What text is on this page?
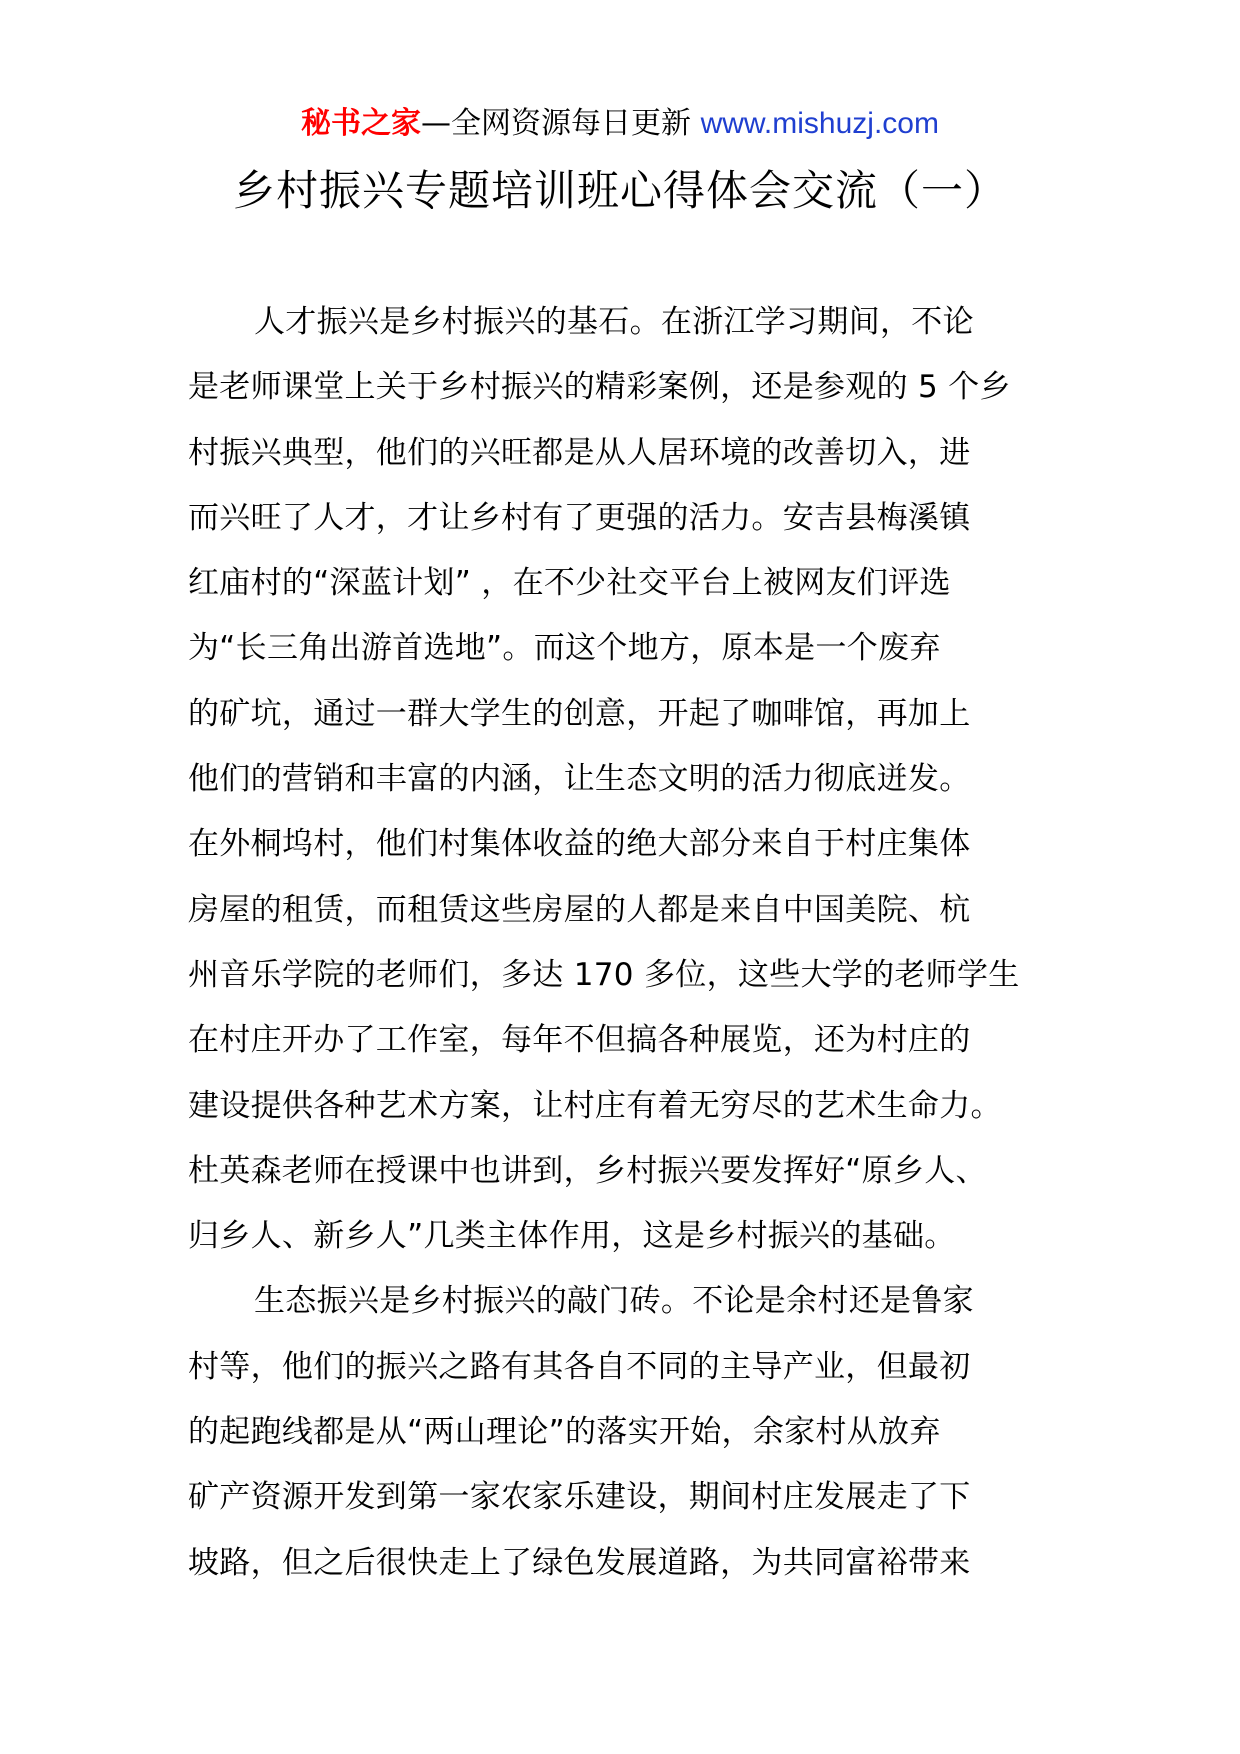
秘书之家—全网资源每日更新 www.mishuzj.com
乡村振兴专题培训班心得体会交流（一）
人才振兴是乡村振兴的基石。在浙江学习期间，不论
是老师课堂上关于乡村振兴的精彩案例，还是参观的 5 个乡
村振兴典型，他们的兴旺都是从人居环境的改善切入，进
而兴旺了人才，才让乡村有了更强的活力。安吉县梅溪镇
红庙村的“深蓝计划” ，在不少社交平台上被网友们评选
为“长三角出游首选地”。而这个地方，原本是一个废弃
的矿坑，通过一群大学生的创意，开起了咖啡馆，再加上
他们的营销和丰富的内涵，让生态文明的活力彻底迸发。
在外桐坞村，他们村集体收益的绝大部分来自于村庄集体
房屋的租赁，而租赁这些房屋的人都是来自中国美院、杭
州音乐学院的老师们，多达 170 多位，这些大学的老师学生
在村庄开办了工作室，每年不但搞各种展览，还为村庄的
建设提供各种艺术方案，让村庄有着无穷尽的艺术生命力。
杜英森老师在授课中也讲到，乡村振兴要发挥好“原乡人、
归乡人、新乡人”几类主体作用，这是乡村振兴的基础。
生态振兴是乡村振兴的敲门砖。不论是余村还是鲁家
村等，他们的振兴之路有其各自不同的主导产业，但最初
的起跑线都是从“两山理论”的落实开始，余家村从放弃
矿产资源开发到第一家农家乐建设，期间村庄发展走了下
坡路，但之后很快走上了绿色发展道路，为共同富裕带来
